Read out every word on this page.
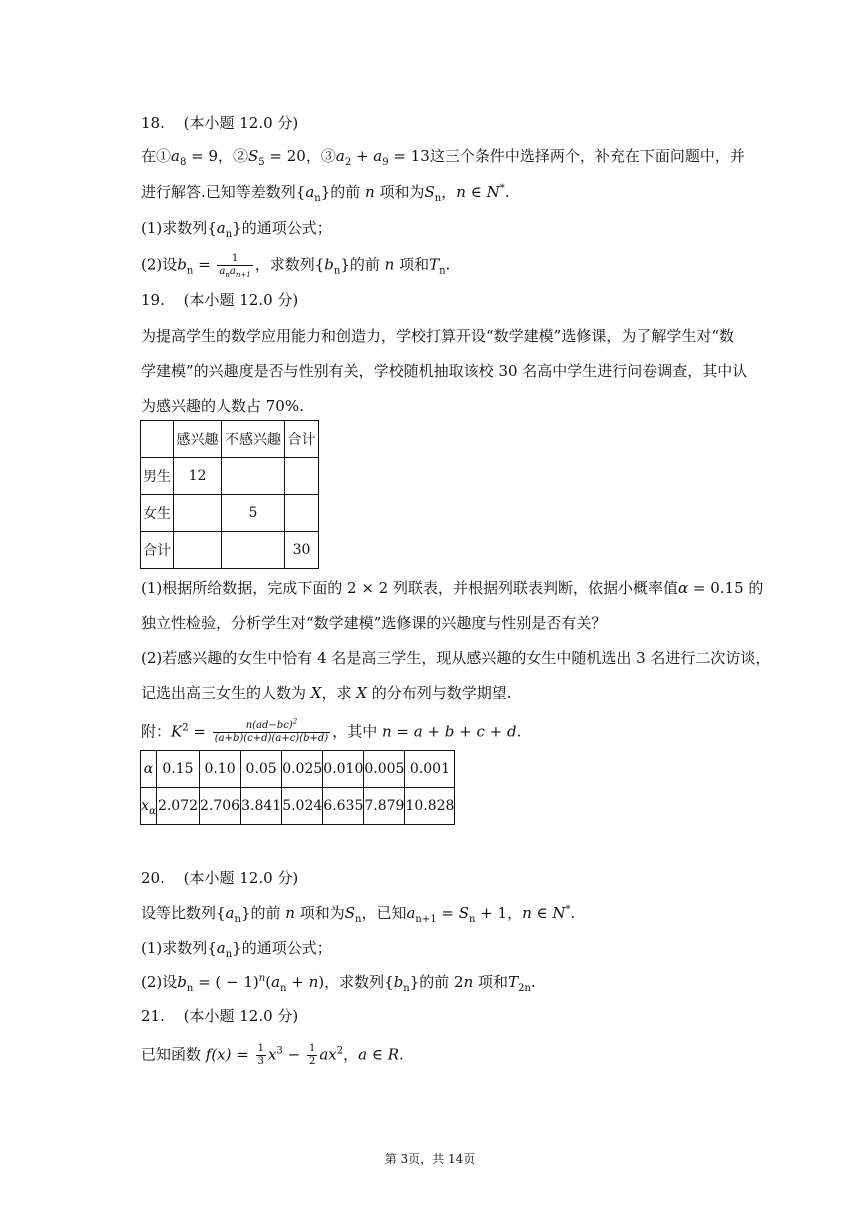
18. (本小题 12.0 分)
在$①a_8 = 9$，$②S_5 = 20$，$③a_2 + a_9 = 13$这三个条件中选择两个，补充在下面问题中，并
进行解答.已知等差数列$\{a_n\}$的前 n 项和为$S_n$，n ∈ N*.
(1)求数列$\{a_n\}$的通项公式；
(2)设$b_n = \frac{1}{a_na_{n+1}}$ ，求数列$\{b_n\}$的前 n 项和$T_n$.
19. (本小题 12.0 分)
为提高学生的数学应用能力和创造力，学校打算开设“数学建模”选修课，为了解学生对“数
学建模”的兴趣度是否与性别有关，学校随机抽取该校 30 名高中学生进行问卷调查，其中认
为感兴趣的人数占 70%.
	感兴趣	不感兴趣	合计
男生	12		
女生		5	
合计			30
(1)根据所给数据，完成下面的 2 × 2 列联表，并根据列联表判断，依据小概率值α = 0.15 的
独立性检验，分析学生对“数学建模”选修课的兴趣度与性别是否有关？
(2)若感兴趣的女生中恰有 4 名是高三学生，现从感兴趣的女生中随机选出 3 名进行二次访谈，
记选出高三女生的人数为 X，求 X 的分布列与数学期望.
附：$K^2 = \frac{n(ad-bc)^2}{(a+b)(c+d)(a+c)(b+d)}$ ，其中 n = a + b + c + d.
α	0.15	0.10	0.05	0.025	0.010	0.005	0.001
$x_\alpha$	2.072	2.706	3.841	5.024	6.635	7.879	10.828
20. (本小题 12.0 分)
设等比数列$\{a_n\}$的前 n 项和为$S_n$，已知$a_{n+1} = S_n + 1$，n ∈ N*.
(1)求数列$\{a_n\}$的通项公式；
(2)设$b_n$ = ( − $1)^n(a_n + n)$，求数列$\{b_n\}$的前 2n 项和$T_{2n}$.
21. (本小题 12.0 分)
已知函数 $f(x) = \frac{1}{3} x^3 - \frac{1}{2} ax^2$，a ∈ R.
第 3页，共 14页
